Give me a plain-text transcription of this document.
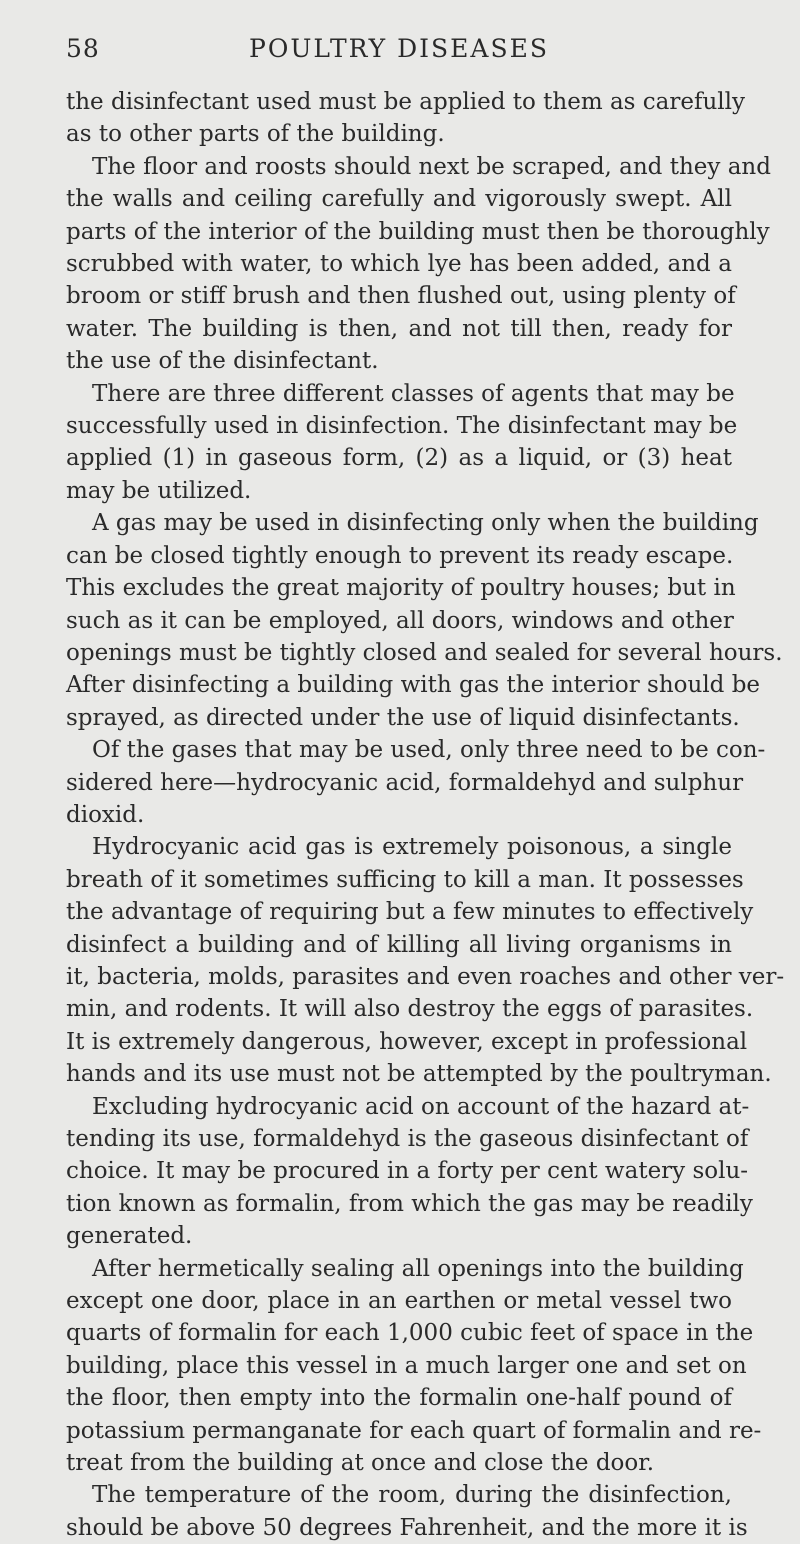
58	POULTRY DISEASES
the disinfectant used must be applied to them as carefully
as to other parts of the building.
The floor and roosts should next be scraped, and they and
the walls and ceiling carefully and vigorously swept. All
parts of the interior of the building must then be thoroughly
scrubbed with water, to which lye has been added, and a
broom or stiff brush and then flushed out, using plenty of
water. The building is then, and not till then, ready for
the use of the disinfectant.
There are three different classes of agents that may be
successfully used in disinfection. The disinfectant may be
applied (1) in gaseous form, (2) as a liquid, or (3) heat
may be utilized.
A gas may be used in disinfecting only when the building
can be closed tightly enough to prevent its ready escape.
This excludes the great majority of poultry houses; but in
such as it can be employed, all doors, windows and other
openings must be tightly closed and sealed for several hours.
After disinfecting a building with gas the interior should be
sprayed, as directed under the use of liquid disinfectants.
Of the gases that may be used, only three need to be con-
sidered here—hydrocyanic acid, formaldehyd and sulphur
dioxid.
Hydrocyanic acid gas is extremely poisonous, a single
breath of it sometimes sufficing to kill a man. It possesses
the advantage of requiring but a few minutes to effectively
disinfect a building and of killing all living organisms in
it, bacteria, molds, parasites and even roaches and other ver-
min, and rodents. It will also destroy the eggs of parasites.
It is extremely dangerous, however, except in professional
hands and its use must not be attempted by the poultryman.
Excluding hydrocyanic acid on account of the hazard at-
tending its use, formaldehyd is the gaseous disinfectant of
choice. It may be procured in a forty per cent watery solu-
tion known as formalin, from which the gas may be readily
generated.
After hermetically sealing all openings into the building
except one door, place in an earthen or metal vessel two
quarts of formalin for each 1,000 cubic feet of space in the
building, place this vessel in a much larger one and set on
the floor, then empty into the formalin one-half pound of
potassium permanganate for each quart of formalin and re-
treat from the building at once and close the door.
The temperature of the room, during the disinfection,
should be above 50 degrees Fahrenheit, and the more it is
